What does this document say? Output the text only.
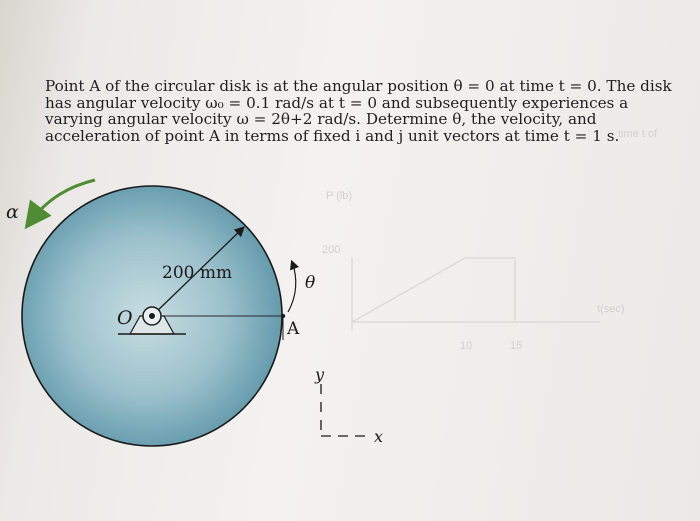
P (lb)
200
t(sec)
10	15
time t of
α
200 mm	θ
O	A
y
x
Point A of the circular disk is at the angular position θ = 0 at time t = 0. The disk
has angular velocity ω₀ = 0.1 rad/s at t = 0 and subsequently experiences a
varying angular velocity ω = 2θ+2 rad/s. Determine θ, the velocity, and
acceleration of point A in terms of fixed i and j unit vectors at time t = 1 s.
